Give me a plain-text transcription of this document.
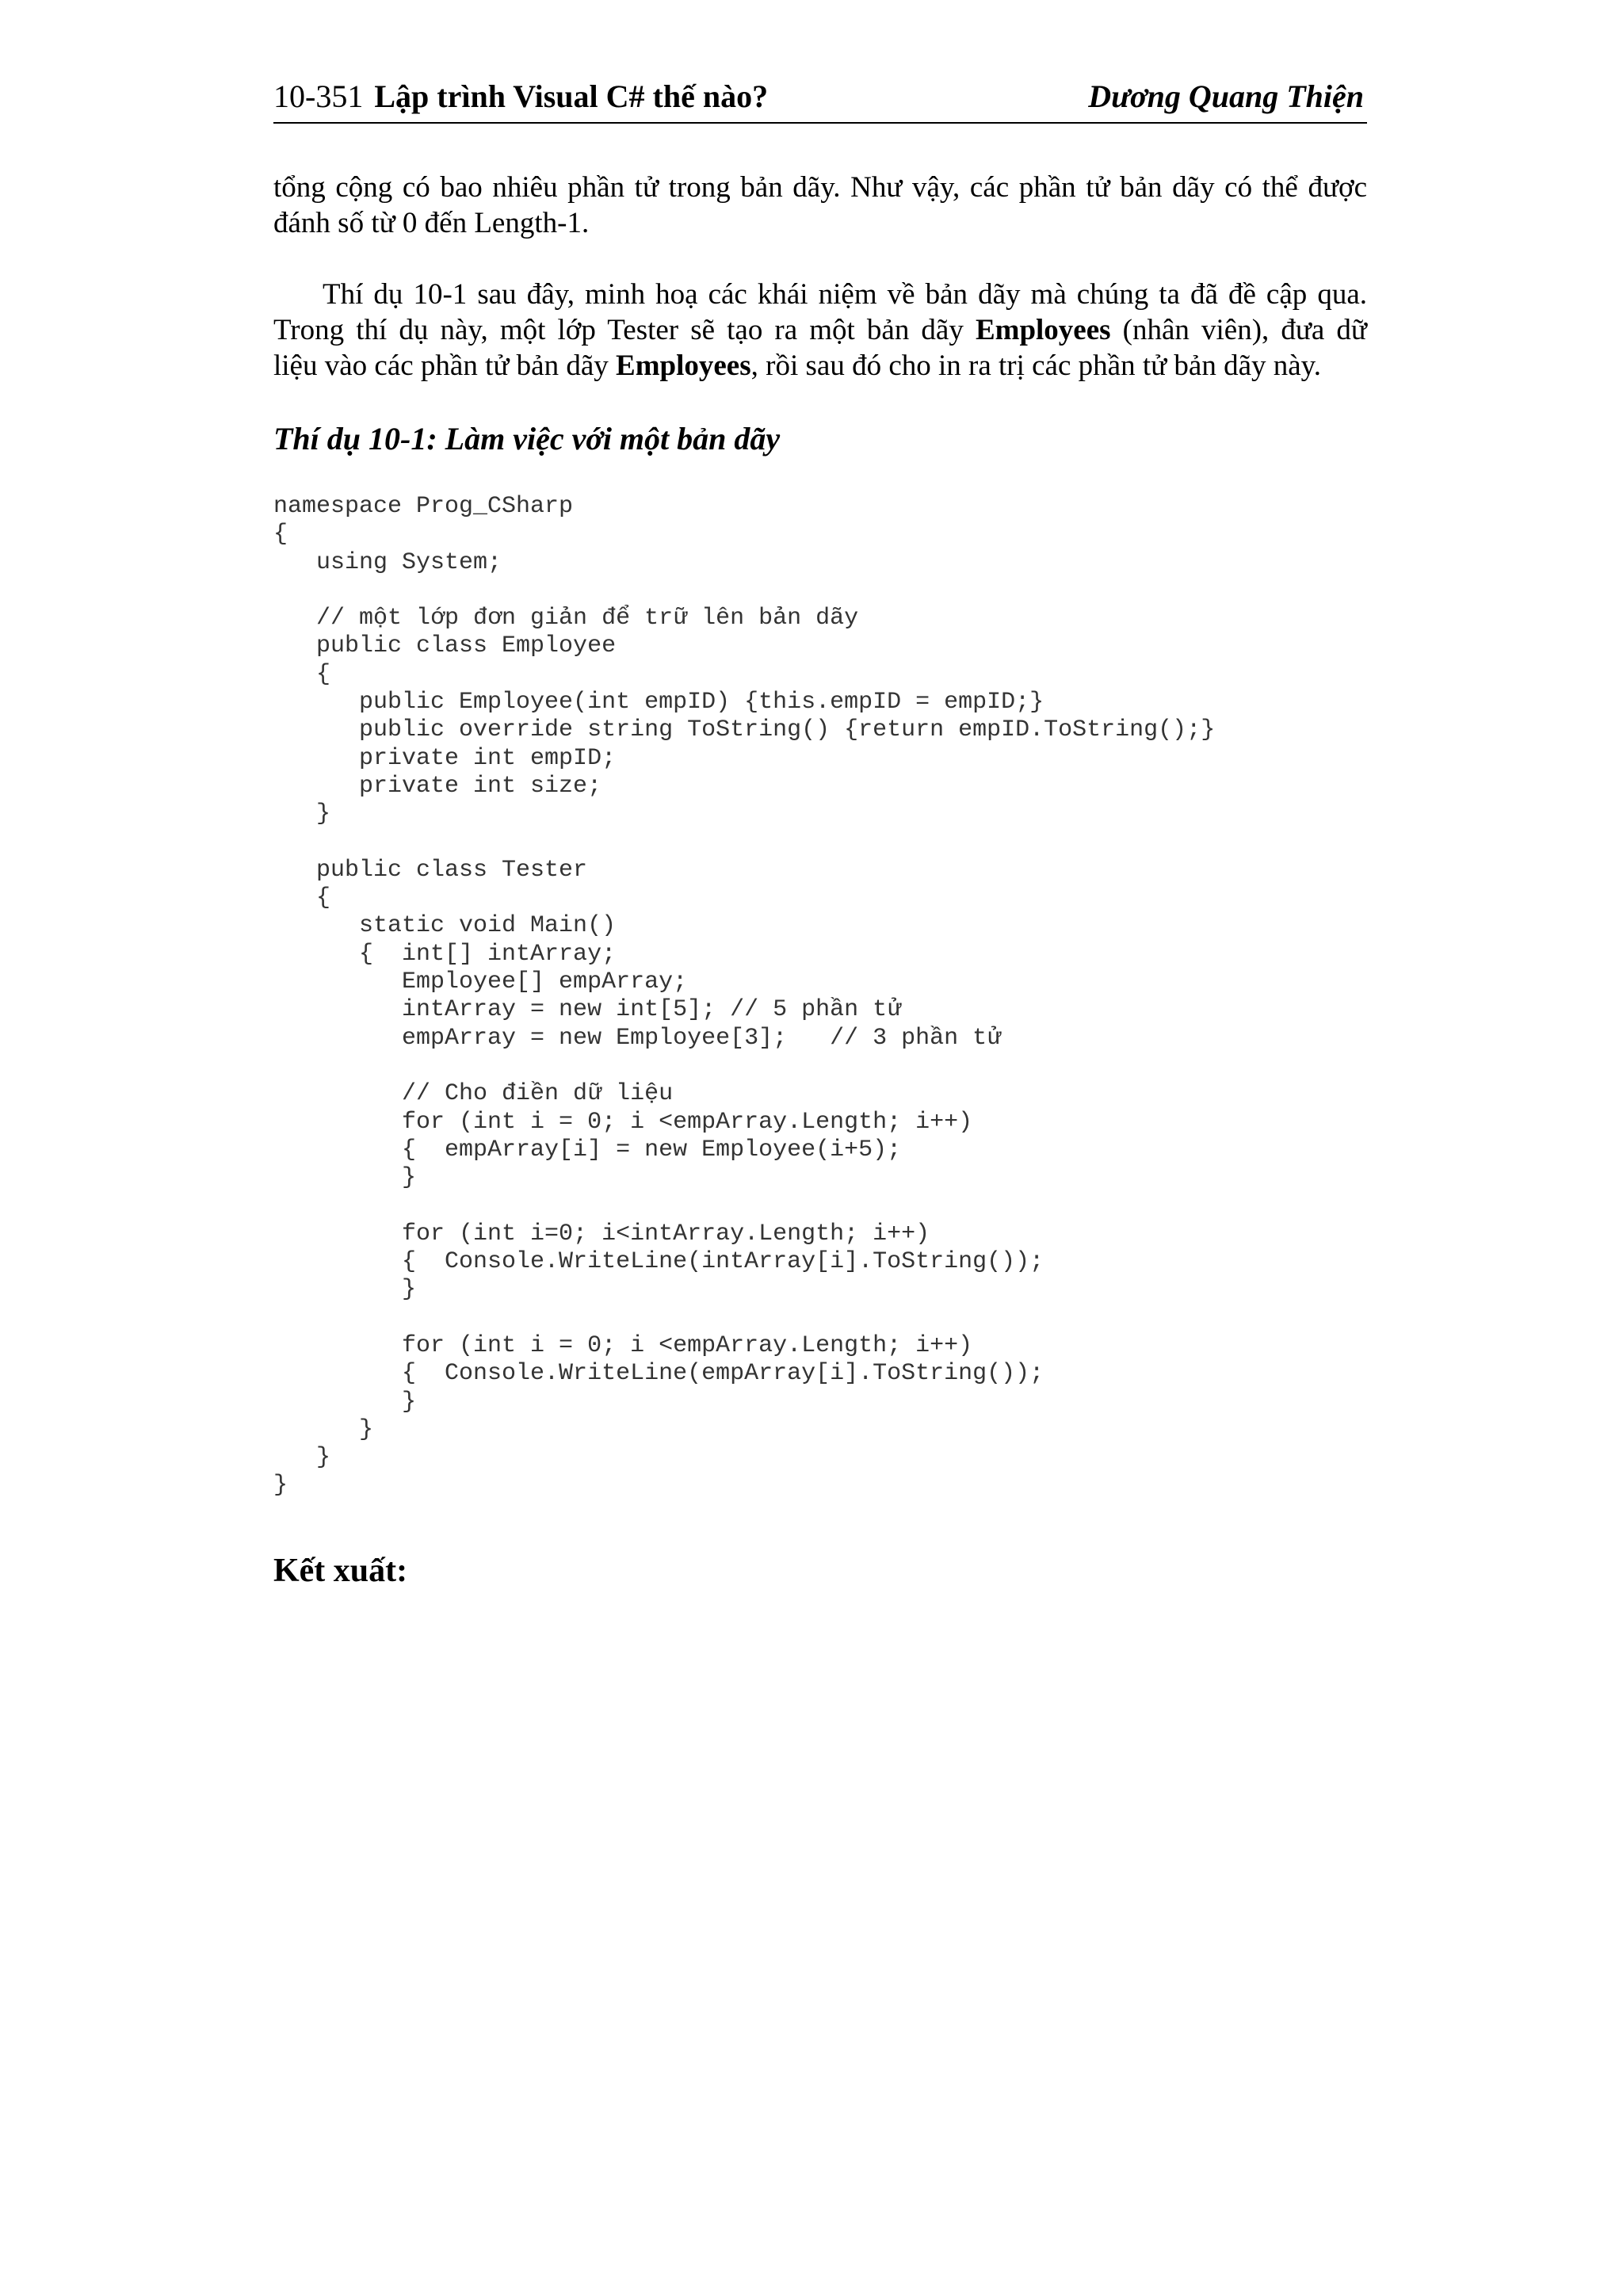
10-351 Lập trình Visual C# thế nào?	Dương Quang Thiện
tổng cộng có bao nhiêu phần tử trong bản dãy. Như vậy, các phần tử bản dãy có thể được
đánh số từ 0 đến Length-1.
Thí dụ 10-1 sau đây, minh hoạ các khái niệm về bản dãy mà chúng ta đã đề cập qua.
Trong thí dụ này, một lớp Tester sẽ tạo ra một bản dãy Employees (nhân viên), đưa dữ
liệu vào các phần tử bản dãy Employees, rồi sau đó cho in ra trị các phần tử bản dãy này.
Thí dụ 10-1: Làm việc với một bản dãy
namespace Prog_CSharp
{
using System;
// một lớp đơn giản để trữ lên bản dãy
public class Employee
{
public Employee(int empID) {this.empID = empID;}
public override string ToString() {return empID.ToString();}
private int empID;
private int size;
}
public class Tester
{
static void Main()
{  int[] intArray;
Employee[] empArray;
intArray = new int[5]; // 5 phần tử
empArray = new Employee[3];   // 3 phần tử
// Cho điền dữ liệu
for (int i = 0; i <empArray.Length; i++)
{  empArray[i] = new Employee(i+5);
}
for (int i=0; i<intArray.Length; i++)
{  Console.WriteLine(intArray[i].ToString());
}
for (int i = 0; i <empArray.Length; i++)
{  Console.WriteLine(empArray[i].ToString());
}
}
}
}
Kết xuất:
